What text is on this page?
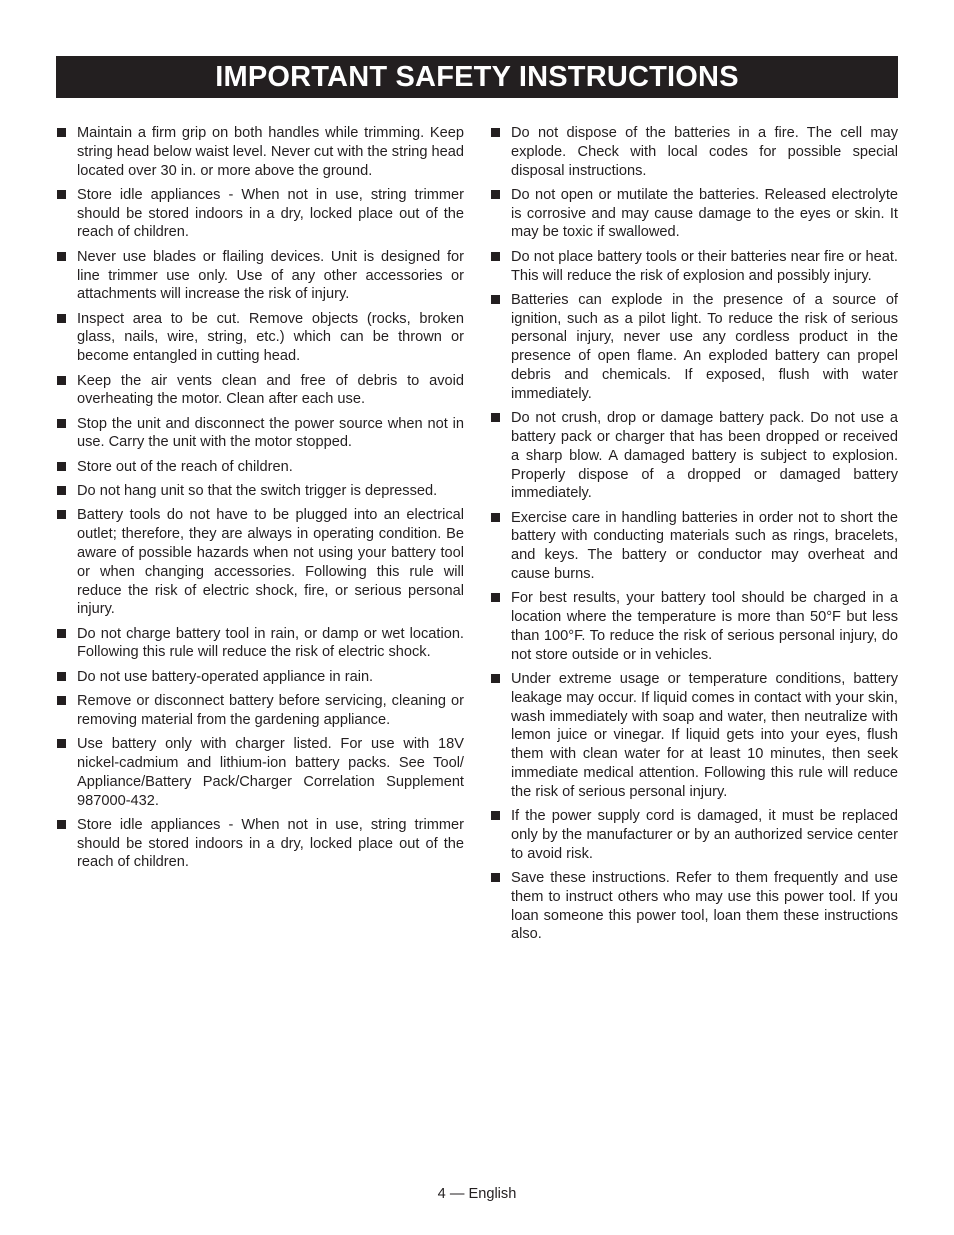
IMPORTANT SAFETY INSTRUCTIONS
Maintain a firm grip on both handles while trimming. Keep string head below waist level. Never cut with the string head located over 30 in. or more above the ground.
Store idle appliances - When not in use, string trimmer should be stored indoors in a dry, locked place out of the reach of children.
Never use blades or flailing devices. Unit is designed for line trimmer use only. Use of any other accessories or attachments will increase the risk of injury.
Inspect area to be cut. Remove objects (rocks, broken glass, nails, wire, string, etc.) which can be thrown or become entangled in cutting head.
Keep the air vents clean and free of debris to avoid overheating the motor. Clean after each use.
Stop the unit and disconnect the power source when not in use. Carry the unit with the motor stopped.
Store out of the reach of children.
Do not hang unit so that the switch trigger is depressed.
Battery tools do not have to be plugged into an electrical outlet; therefore, they are always in operating condition. Be aware of possible hazards when not using your battery tool or when changing accessories. Following this rule will reduce the risk of electric shock, fire, or serious personal injury.
Do not charge battery tool in rain, or damp or wet location. Following this rule will reduce the risk of electric shock.
Do not use battery-operated appliance in rain.
Remove or disconnect battery before servicing, cleaning or removing material from the gardening appliance.
Use battery only with charger listed. For use with 18V nickel-cadmium and lithium-ion battery packs. See Tool/ Appliance/Battery Pack/Charger Correlation Supplement 987000-432.
Store idle appliances - When not in use, string trimmer should be stored indoors in a dry, locked place out of the reach of children.
Do not dispose of the batteries in a fire. The cell may explode. Check with local codes for possible special disposal instructions.
Do not open or mutilate the batteries. Released electrolyte is corrosive and may cause damage to the eyes or skin. It may be toxic if swallowed.
Do not place battery tools or their batteries near fire or heat. This will reduce the risk of explosion and possibly injury.
Batteries can explode in the presence of a source of ignition, such as a pilot light. To reduce the risk of serious personal injury, never use any cordless product in the presence of open flame. An exploded battery can propel debris and chemicals. If exposed, flush with water immediately.
Do not crush, drop or damage battery pack. Do not use a battery pack or charger that has been dropped or received a sharp blow. A damaged battery is subject to explosion. Properly dispose of a dropped or damaged battery immediately.
Exercise care in handling batteries in order not to short the battery with conducting materials such as rings, bracelets, and keys. The battery or conductor may overheat and cause burns.
For best results, your battery tool should be charged in a location where the temperature is more than 50°F but less than 100°F. To reduce the risk of serious personal injury, do not store outside or in vehicles.
Under extreme usage or temperature conditions, battery leakage may occur. If liquid comes in contact with your skin, wash immediately with soap and water, then neutralize with lemon juice or vinegar. If liquid gets into your eyes, flush them with clean water for at least 10 minutes, then seek immediate medical attention. Following this rule will reduce the risk of serious personal injury.
If the power supply cord is damaged, it must be replaced only by the manufacturer or by an authorized service center to avoid risk.
Save these instructions. Refer to them frequently and use them to instruct others who may use this power tool. If you loan someone this power tool, loan them these instructions also.
4 — English
